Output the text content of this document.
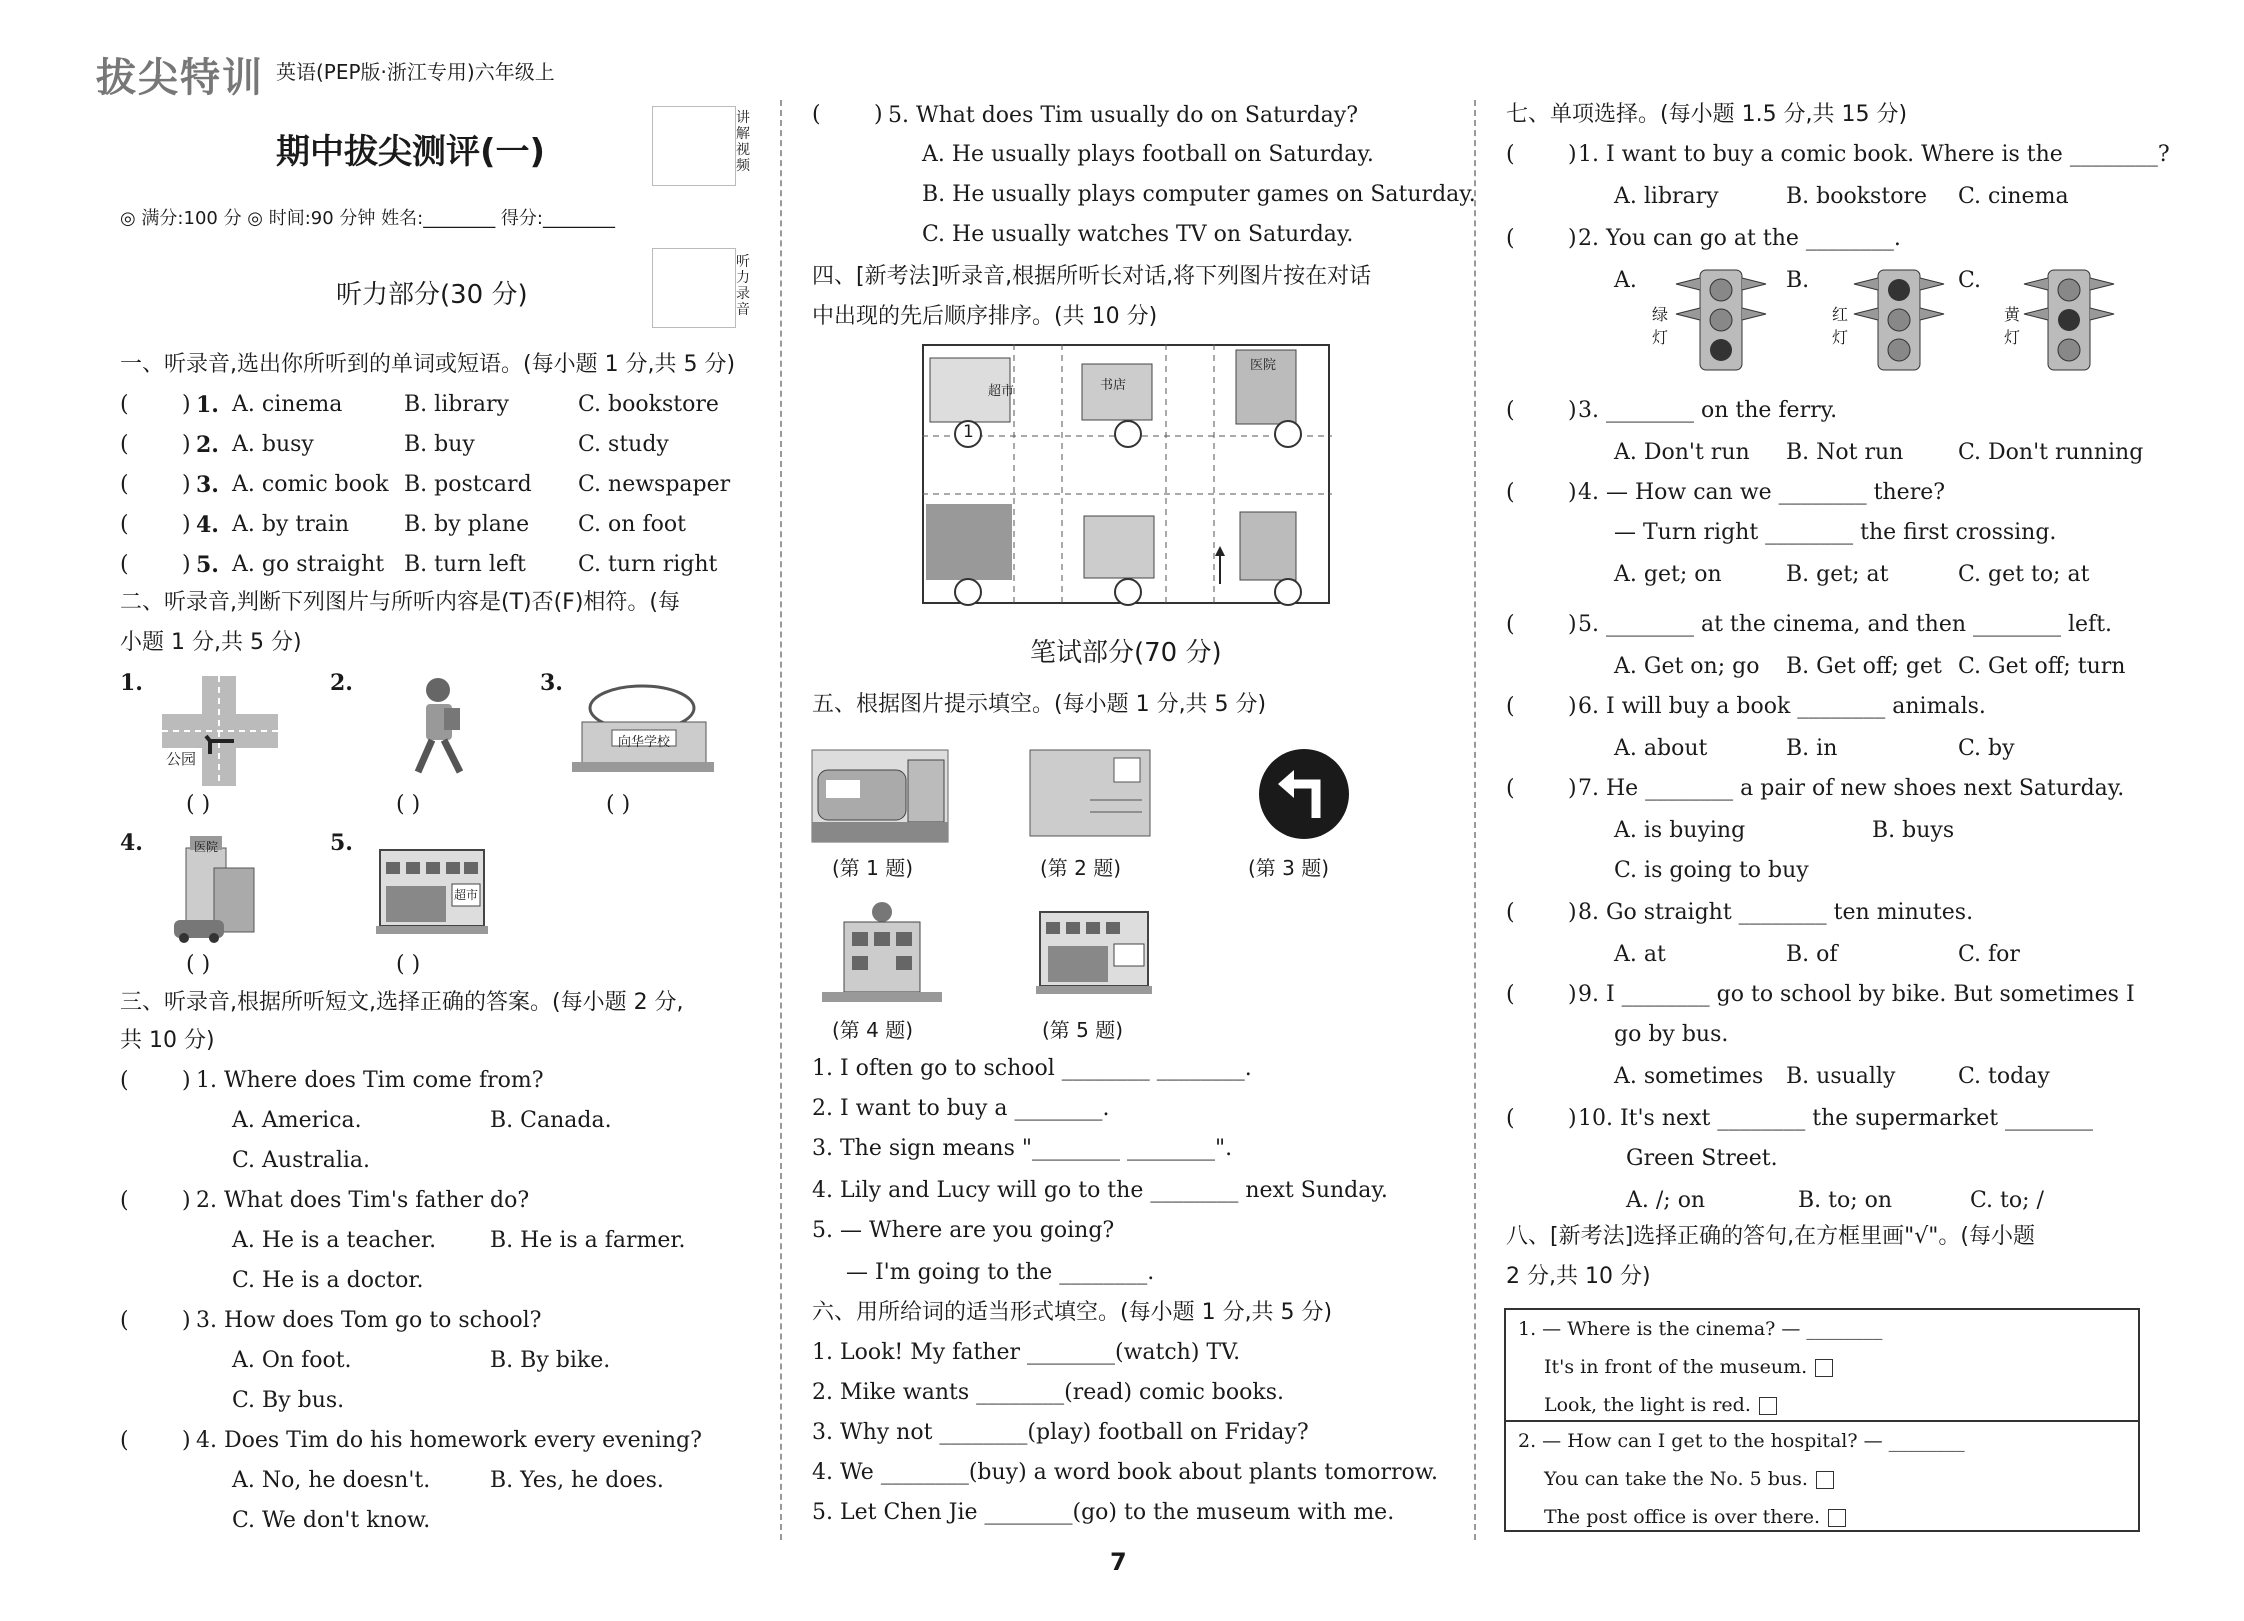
拔尖特训 英语(PEP版·浙江专用)六年级上
期中拔尖测评(一)
讲解视频
◎ 满分:100 分 ◎ 时间:90 分钟 姓名:________ 得分:________
听力录音
听力部分(30 分)
一、听录音,选出你所听到的单词或短语。(每小题 1 分,共 5 分)
( ) 1. A. cinema	B. library	C. bookstore
( ) 2. A. busy	B. buy	C. study
( ) 3. A. comic book B. postcard C. newspaper
( ) 4. A. by train B. by plane C. on foot
( ) 5. A. go straight B. turn left C. turn right
二、听录音,判断下列图片与所听内容是(T)否(F)相符。(每
小题 1 分,共 5 分)
1.
公园
( )
2.
( )
3.
向华学校
( )
4.	医院
( )
5.
超市
( )
三、听录音,根据所听短文,选择正确的答案。(每小题 2 分,
共 10 分)
( ) 1. Where does Tim come from?
A. America.	B. Canada.
C. Australia.
( ) 2. What does Tim's father do?
A. He is a teacher. B. He is a farmer.
C. He is a doctor.
( ) 3. How does Tom go to school?
A. On foot.	B. By bike.
C. By bus.
( ) 4. Does Tim do his homework every evening?
A. No, he doesn't.	B. Yes, he does.
C. We don't know.
( ) 5. What does Tim usually do on Saturday?
A. He usually plays football on Saturday.
B. He usually plays computer games on Saturday.
C. He usually watches TV on Saturday.
四、[新考法]听录音,根据所听长对话,将下列图片按在对话
中出现的先后顺序排序。(共 10 分)
1
超市
医院
书店
笔试部分(70 分)
五、根据图片提示填空。(每小题 1 分,共 5 分)
(第 1 题)	(第 2 题)	(第 3 题)
(第 4 题)	(第 5 题)
1. I often go to school ________ ________.
2. I want to buy a ________.
3. The sign means "________ ________".
4. Lily and Lucy will go to the ________ next Sunday.
5. — Where are you going?
— I'm going to the ________.
六、用所给词的适当形式填空。(每小题 1 分,共 5 分)
1. Look! My father ________(watch) TV.
2. Mike wants ________(read) comic books.
3. Why not ________(play) football on Friday?
4. We ________(buy) a word book about plants tomorrow.
5. Let Chen Jie ________(go) to the museum with me.
七、单项选择。(每小题 1.5 分,共 15 分)
( ) 1. I want to buy a comic book. Where is the ________?
A. library	B. bookstore C. cinema
( ) 2. You can go at the ________.
A.	B.	C.
( ) 3. ________ on the ferry.
A. Don't run B. Not run C. Don't running
( ) 4. — How can we ________ there?
( ) 5. ________ at the cinema, and then ________ left.
A. Get on; go B. Get off; get C. Get off; turn
( ) 6. I will buy a book ________ animals.
A. about	B. in	C. by
( ) 7. He ________ a pair of new shoes next Saturday.
A. is buying	B. buys
C. is going to buy
( ) 8. Go straight ________ ten minutes.
A. at	B. of	C. for
( ) 9. I ________ go to school by bike. But sometimes I
( ) 10. It's next ________ the supermarket ________
— Turn right ________ the first crossing.
A. get; on	B. get; at	C. get to; at
go by bus.
A. sometimes B. usually	C. today
Green Street.
A. /; on	B. to; on	C. to; /
绿灯
红灯
黄灯
八、[新考法]选择正确的答句,在方框里画"√"。(每小题
2 分,共 10 分)
1. — Where is the cinema? — ________
It's in front of the museum.
Look, the light is red.
2. — How can I get to the hospital? — ________
You can take the No. 5 bus.
The post office is over there.
7
